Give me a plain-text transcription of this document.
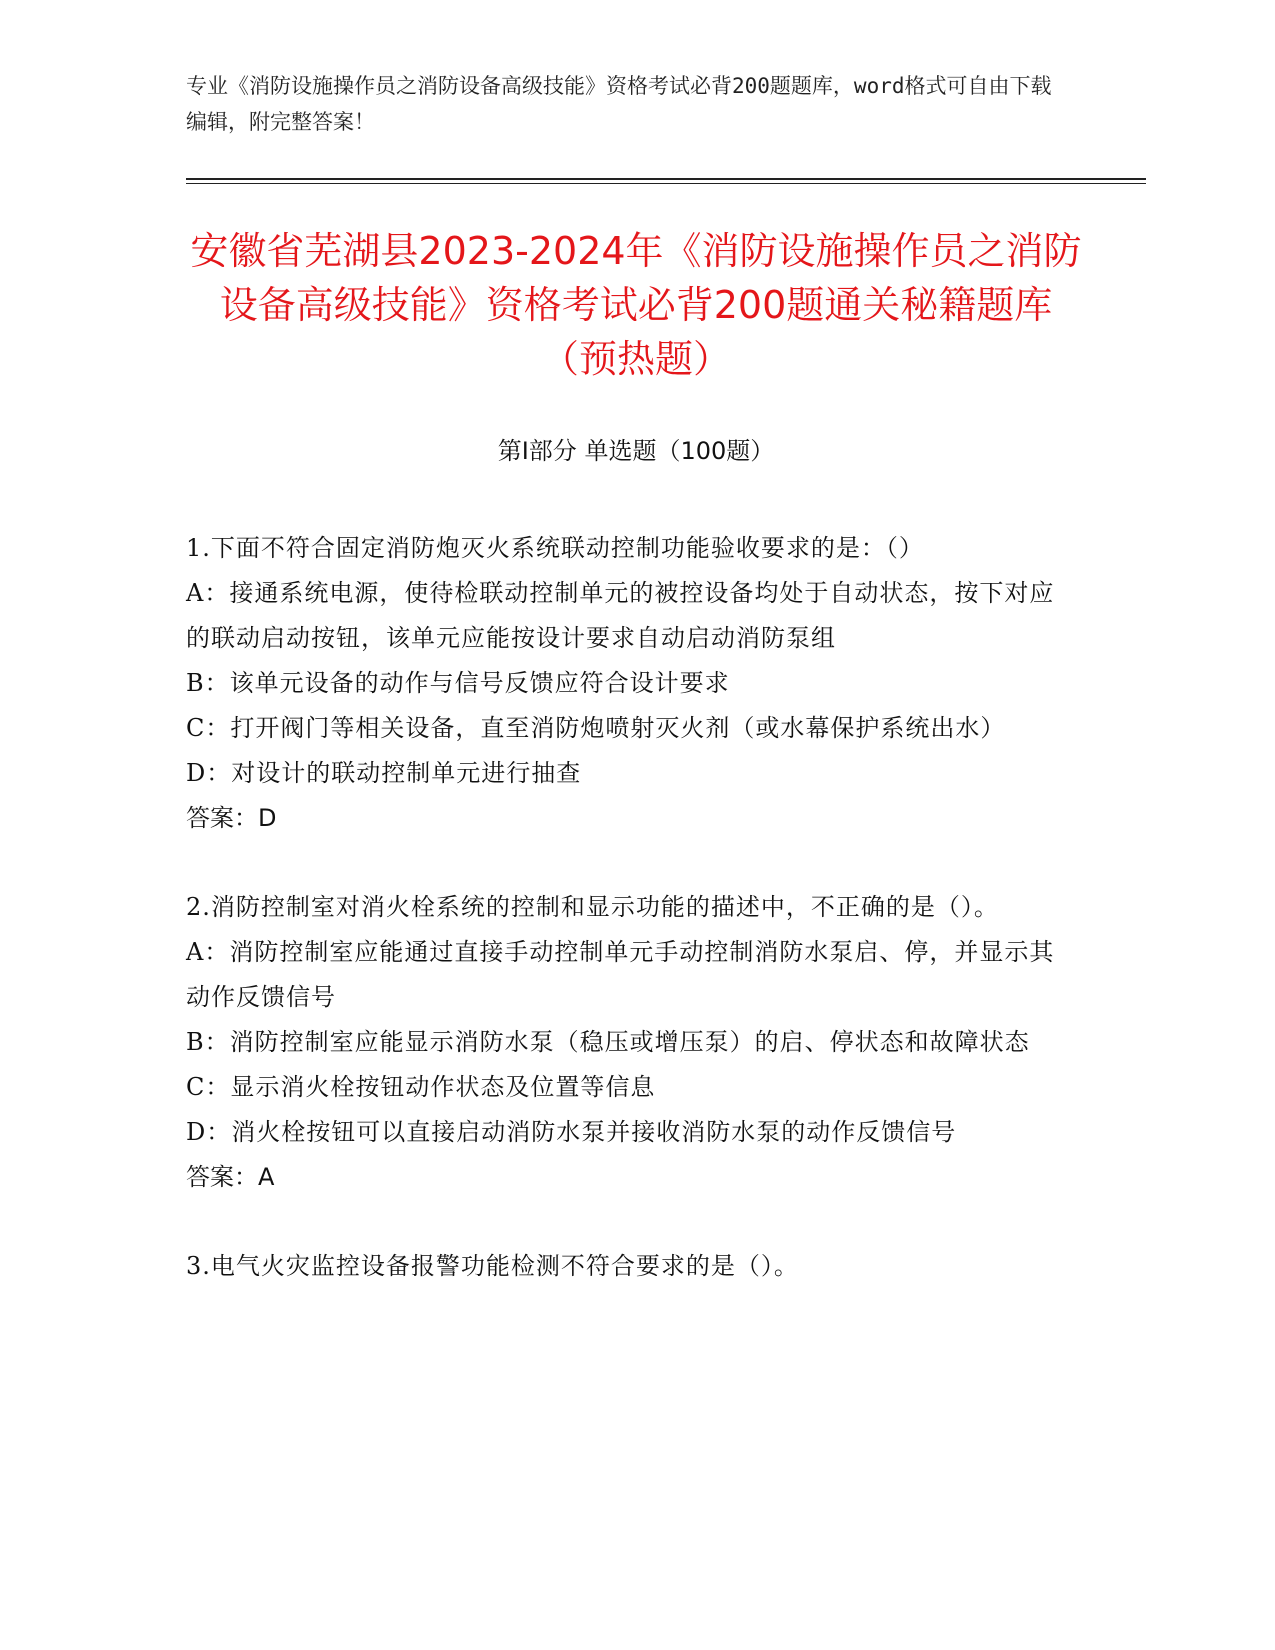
专业《消防设施操作员之消防设备高级技能》资格考试必背200题题库，word格式可自由下载编辑，附完整答案！
安徽省芜湖县2023-2024年《消防设施操作员之消防设备高级技能》资格考试必背200题通关秘籍题库（预热题）
第Ⅰ部分 单选题（100题）

1.下面不符合固定消防炮灭火系统联动控制功能验收要求的是：（）

A：接通系统电源，使待检联动控制单元的被控设备均处于自动状态，按下对应的联动启动按钮，该单元应能按设计要求自动启动消防泵组

B：该单元设备的动作与信号反馈应符合设计要求

C：打开阀门等相关设备，直至消防炮喷射灭火剂（或水幕保护系统出水）

D：对设计的联动控制单元进行抽查

答案：D

2.消防控制室对消火栓系统的控制和显示功能的描述中，不正确的是（）。

A：消防控制室应能通过直接手动控制单元手动控制消防水泵启、停，并显示其动作反馈信号

B：消防控制室应能显示消防水泵（稳压或增压泵）的启、停状态和故障状态

C：显示消火栓按钮动作状态及位置等信息

D：消火栓按钮可以直接启动消防水泵并接收消防水泵的动作反馈信号

答案：A

3.电气火灾监控设备报警功能检测不符合要求的是（）。
